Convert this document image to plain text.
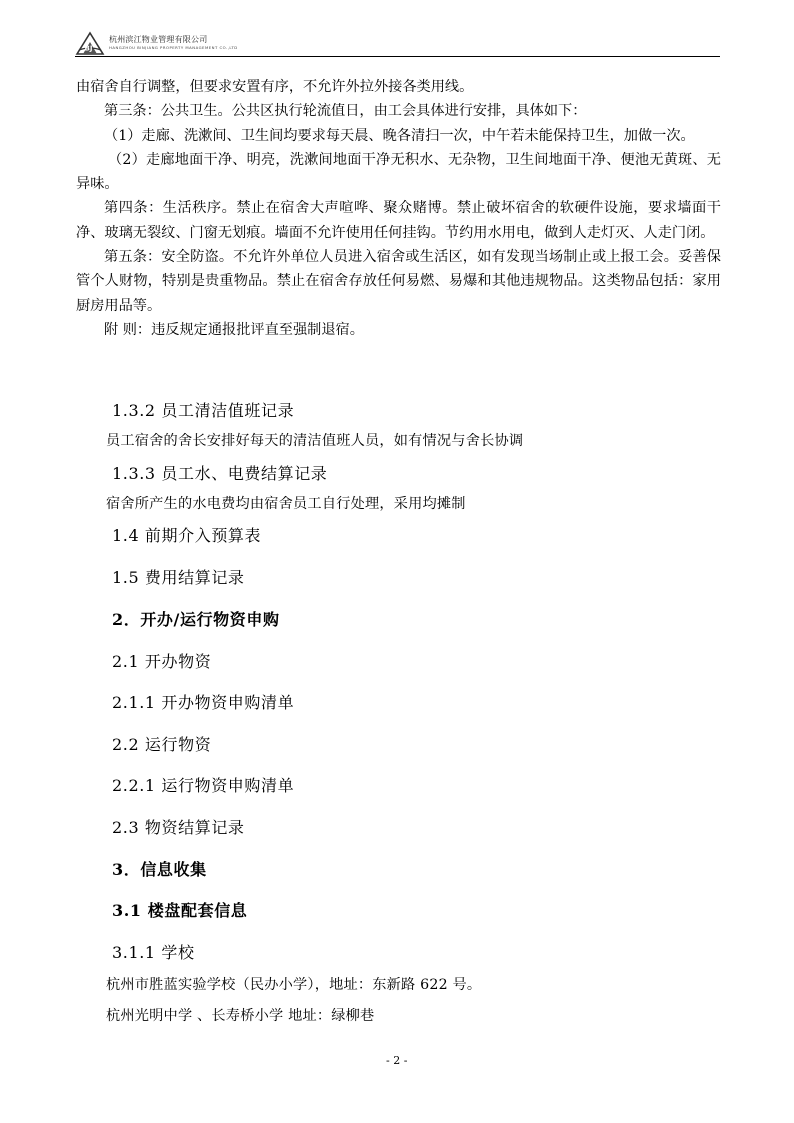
BJ
杭州滨江物业管理有限公司
HANGZHOU BINJIANG PROPERTY MANAGEMENT CO.,LTD

由宿舍自行调整，但要求安置有序，不允许外拉外接各类用线。

第三条：公共卫生。公共区执行轮流值日，由工会具体进行安排，具体如下：

（1）走廊、洗漱间、卫生间均要求每天晨、晚各清扫一次，中午若未能保持卫生，加做一次。

（2）走廊地面干净、明亮，洗漱间地面干净无积水、无杂物，卫生间地面干净、便池无黄斑、无异味。

第四条：生活秩序。禁止在宿舍大声喧哗、聚众赌博。禁止破坏宿舍的软硬件设施，要求墙面干净、玻璃无裂纹、门窗无划痕。墙面不允许使用任何挂钩。节约用水用电，做到人走灯灭、人走门闭。

第五条：安全防盗。不允许外单位人员进入宿舍或生活区，如有发现当场制止或上报工会。妥善保管个人财物，特别是贵重物品。禁止在宿舍存放任何易燃、易爆和其他违规物品。这类物品包括：家用厨房用品等。

附 则：违反规定通报批评直至强制退宿。

1.3.2 员工清洁值班记录
员工宿舍的舍长安排好每天的清洁值班人员，如有情况与舍长协调
1.3.3 员工水、电费结算记录
宿舍所产生的水电费均由宿舍员工自行处理，采用均摊制
1.4 前期介入预算表
1.5 费用结算记录
2．开办/运行物资申购
2.1 开办物资
2.1.1 开办物资申购清单
2.2 运行物资
2.2.1 运行物资申购清单
2.3 物资结算记录
3．信息收集
3.1 楼盘配套信息
3.1.1 学校
杭州市胜蓝实验学校（民办小学），地址：东新路 622 号。
杭州光明中学 、长寿桥小学 地址：绿柳巷
- 2 -
